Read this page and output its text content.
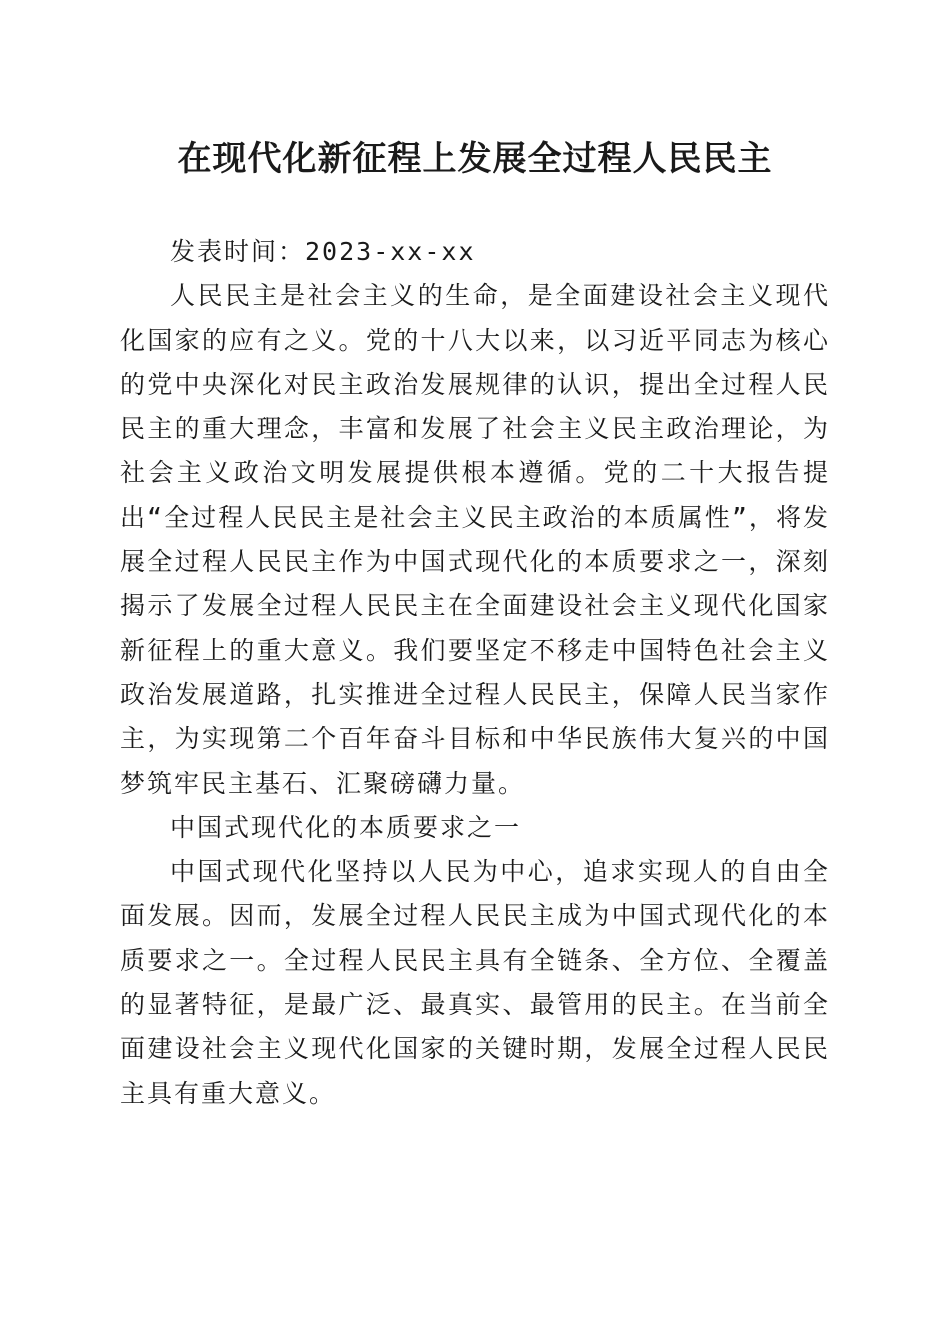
在现代化新征程上发展全过程人民民主

发表时间：2023-xx-xx

人民民主是社会主义的生命，是全面建设社会主义现代化国家的应有之义。党的十八大以来，以习近平同志为核心的党中央深化对民主政治发展规律的认识，提出全过程人民民主的重大理念，丰富和发展了社会主义民主政治理论，为社会主义政治文明发展提供根本遵循。党的二十大报告提出“全过程人民民主是社会主义民主政治的本质属性”，将发展全过程人民民主作为中国式现代化的本质要求之一，深刻揭示了发展全过程人民民主在全面建设社会主义现代化国家新征程上的重大意义。我们要坚定不移走中国特色社会主义政治发展道路，扎实推进全过程人民民主，保障人民当家作主，为实现第二个百年奋斗目标和中华民族伟大复兴的中国梦筑牢民主基石、汇聚磅礴力量。

中国式现代化的本质要求之一

中国式现代化坚持以人民为中心，追求实现人的自由全面发展。因而，发展全过程人民民主成为中国式现代化的本质要求之一。全过程人民民主具有全链条、全方位、全覆盖的显著特征，是最广泛、最真实、最管用的民主。在当前全面建设社会主义现代化国家的关键时期，发展全过程人民民主具有重大意义。
